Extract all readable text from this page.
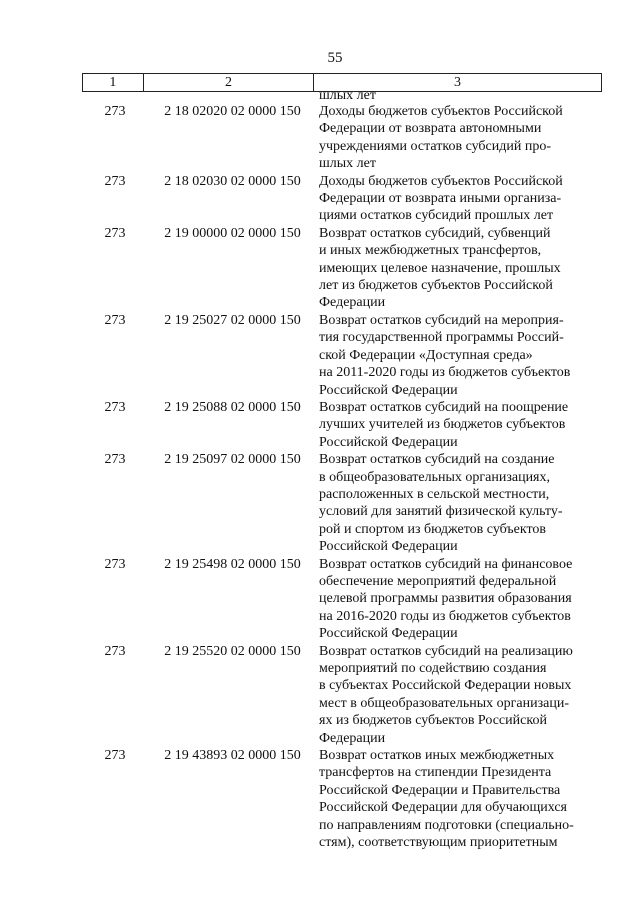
55
1	2	3
шлых лет
273	2 18 02020 02 0000 150	Доходы бюджетов субъектов Российской
Федерации от возврата автономными
учреждениями остатков субсидий про-
шлых лет
273	2 18 02030 02 0000 150	Доходы бюджетов субъектов Российской
Федерации от возврата иными организа-
циями остатков субсидий прошлых лет
273	2 19 00000 02 0000 150	Возврат остатков субсидий, субвенций
и иных межбюджетных трансфертов,
имеющих целевое назначение, прошлых
лет из бюджетов субъектов Российской
Федерации
273	2 19 25027 02 0000 150	Возврат остатков субсидий на мероприя-
тия государственной программы Россий-
ской Федерации «Доступная среда»
на 2011-2020 годы из бюджетов субъектов
Российской Федерации
273	2 19 25088 02 0000 150	Возврат остатков субсидий на поощрение
лучших учителей из бюджетов субъектов
Российской Федерации
273	2 19 25097 02 0000 150	Возврат остатков субсидий на создание
в общеобразовательных организациях,
расположенных в сельской местности,
условий для занятий физической культу-
рой и спортом из бюджетов субъектов
Российской Федерации
273	2 19 25498 02 0000 150	Возврат остатков субсидий на финансовое
обеспечение мероприятий федеральной
целевой программы развития образования
на 2016-2020 годы из бюджетов субъектов
Российской Федерации
273	2 19 25520 02 0000 150	Возврат остатков субсидий на реализацию
мероприятий по содействию создания
в субъектах Российской Федерации новых
мест в общеобразовательных организаци-
ях из бюджетов субъектов Российской
Федерации
273	2 19 43893 02 0000 150	Возврат остатков иных межбюджетных
трансфертов на стипендии Президента
Российской Федерации и Правительства
Российской Федерации для обучающихся
по направлениям подготовки (специально-
стям), соответствующим приоритетным
